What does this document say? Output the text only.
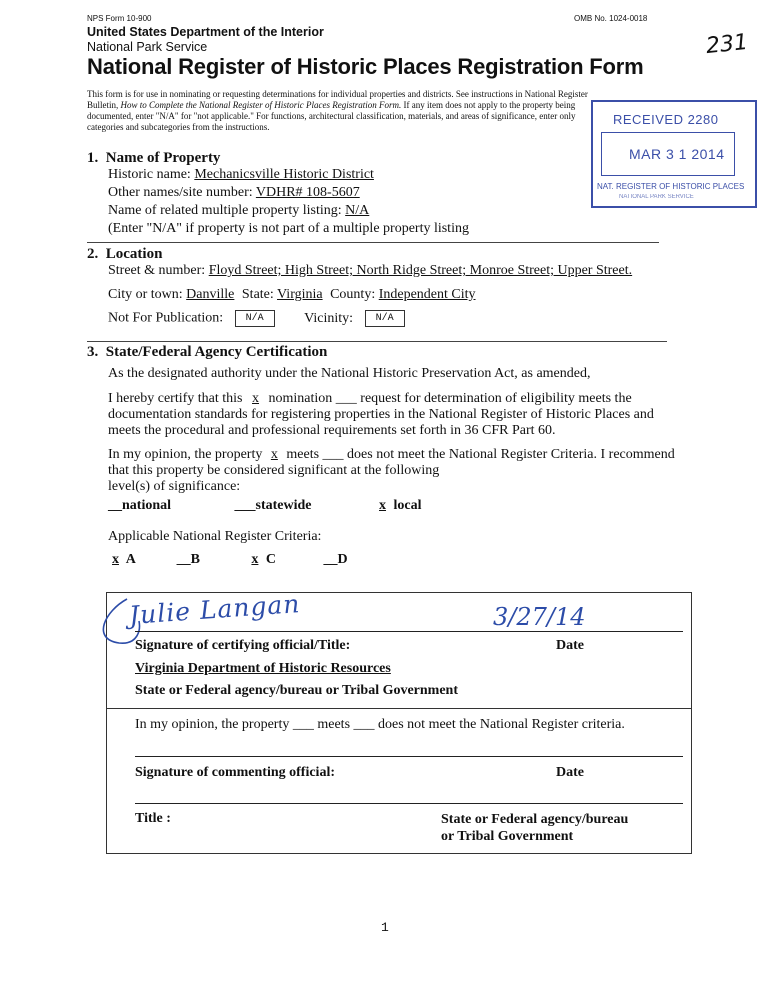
NPS Form 10-900	OMB No. 1024-0018
United States Department of the Interior
National Park Service
National Register of Historic Places Registration Form
231
This form is for use in nominating or requesting determinations for individual properties and districts. See instructions in National Register
Bulletin, How to Complete the National Register of Historic Places Registration Form. If any item does not apply to the property being
documented, enter "N/A" for "not applicable." For functions, architectural classification, materials, and areas of significance, enter only
categories and subcategories from the instructions.	RECEIVED 2280
MAR 3 1 2014
NAT. REGISTER OF HISTORIC PLACES
NATIONAL PARK SERVICE
1.  Name of Property
Historic name: Mechanicsville Historic District
Other names/site number: VDHR# 108-5607
Name of related multiple property listing: N/A
(Enter "N/A" if property is not part of a multiple property listing
2.  Location
Street & number: Floyd Street; High Street; North Ridge Street; Monroe Street; Upper Street.
City or town: Danville State: Virginia County: Independent City
Not For Publication: N/A	Vicinity: N/A
3.  State/Federal Agency Certification
As the designated authority under the National Historic Preservation Act, as amended,
I hereby certify that this x nomination ___ request for determination of eligibility meets the
documentation standards for registering properties in the National Register of Historic Places and
meets the procedural and professional requirements set forth in 36 CFR Part 60.
In my opinion, the property x meets ___ does not meet the National Register Criteria. I recommend
that this property be considered significant at the following
level(s) of significance:
__national	___statewide	x local
Applicable National Register Criteria:
x A	__B	x C	__D
Julie Langan	3/27/14
Signature of certifying official/Title:	Date
Virginia Department of Historic Resources
State or Federal agency/bureau or Tribal Government
In my opinion, the property ___ meets ___ does not meet the National Register criteria.
Signature of commenting official:	Date
Title :	State or Federal agency/bureau
or Tribal Government
1
